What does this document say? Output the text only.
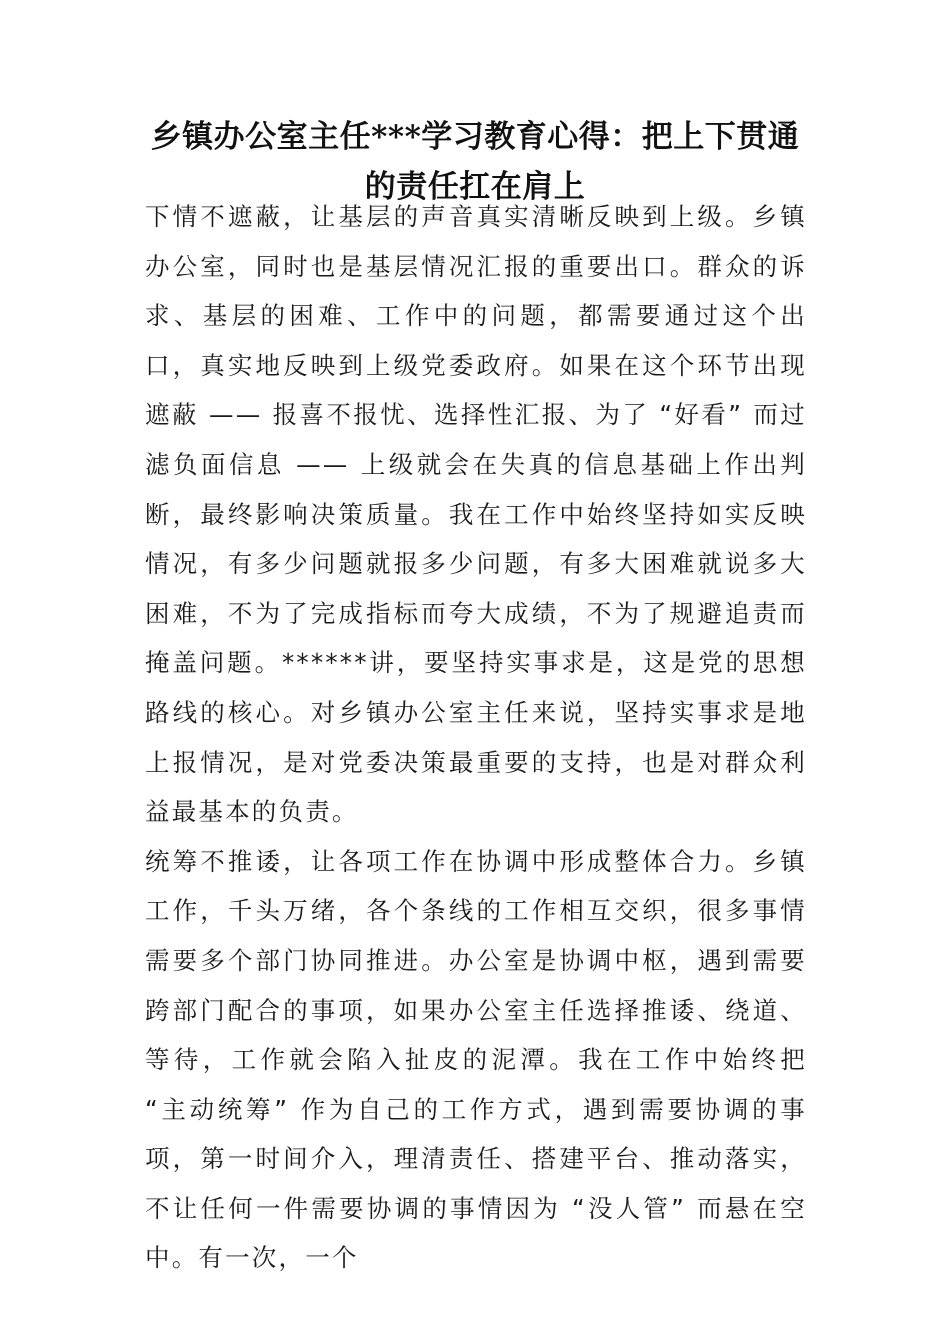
乡镇办公室主任***学习教育心得：把上下贯通的责任扛在肩上

下情不遮蔽，让基层的声音真实清晰反映到上级。乡镇办公室，同时也是基层情况汇报的重要出口。群众的诉求、基层的困难、工作中的问题，都需要通过这个出口，真实地反映到上级党委政府。如果在这个环节出现遮蔽 —— 报喜不报忧、选择性汇报、为了 “好看” 而过滤负面信息 —— 上级就会在失真的信息基础上作出判断，最终影响决策质量。我在工作中始终坚持如实反映情况，有多少问题就报多少问题，有多大困难就说多大困难，不为了完成指标而夸大成绩，不为了规避追责而掩盖问题。******讲，要坚持实事求是，这是党的思想路线的核心。对乡镇办公室主任来说，坚持实事求是地上报情况，是对党委决策最重要的支持，也是对群众利益最基本的负责。

统筹不推诿，让各项工作在协调中形成整体合力。乡镇工作，千头万绪，各个条线的工作相互交织，很多事情需要多个部门协同推进。办公室是协调中枢，遇到需要跨部门配合的事项，如果办公室主任选择推诿、绕道、等待，工作就会陷入扯皮的泥潭。我在工作中始终把 “主动统筹” 作为自己的工作方式，遇到需要协调的事项，第一时间介入，理清责任、搭建平台、推动落实，不让任何一件需要协调的事情因为 “没人管” 而悬在空中。有一次，一个
